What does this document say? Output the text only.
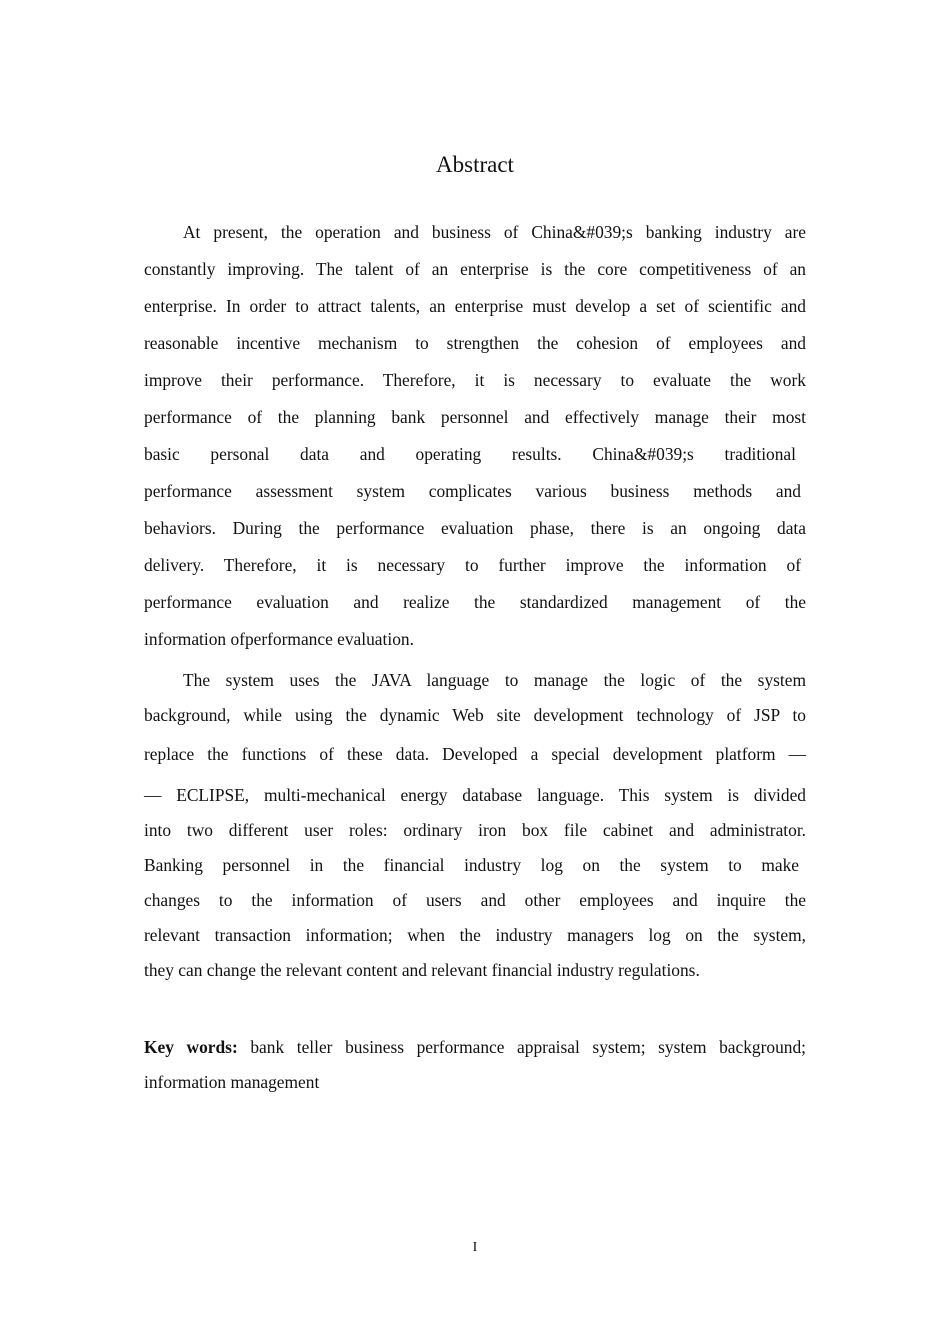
Abstract
At present, the operation and business of China&#039;s banking industry are
constantly improving. The talent of an enterprise is the core competitiveness of an
enterprise. In order to attract talents, an enterprise must develop a set of scientific and
reasonable incentive mechanism to strengthen the cohesion of employees and
improve their performance. Therefore, it is necessary to evaluate the work
performance of the planning bank personnel and effectively manage their most
basic personal data and operating results. China&#039;s traditional
performance assessment system complicates various business methods and
behaviors. During the performance evaluation phase, there is an ongoing data
delivery. Therefore, it is necessary to further improve the information of
performance evaluation and realize the standardized management of the
information ofperformance evaluation.
The system uses the JAVA language to manage the logic of the system
background, while using the dynamic Web site development technology of JSP to
replace the functions of these data. Developed a special development platform —
— ECLIPSE, multi-mechanical energy database language. This system is divided
into two different user roles: ordinary iron box file cabinet and administrator.
Banking personnel in the financial industry log on the system to make
changes to the information of users and other employees and inquire the
relevant transaction information; when the industry managers log on the system,
they can change the relevant content and relevant financial industry regulations.
Key words: bank teller business performance appraisal system; system background;
information management
I
